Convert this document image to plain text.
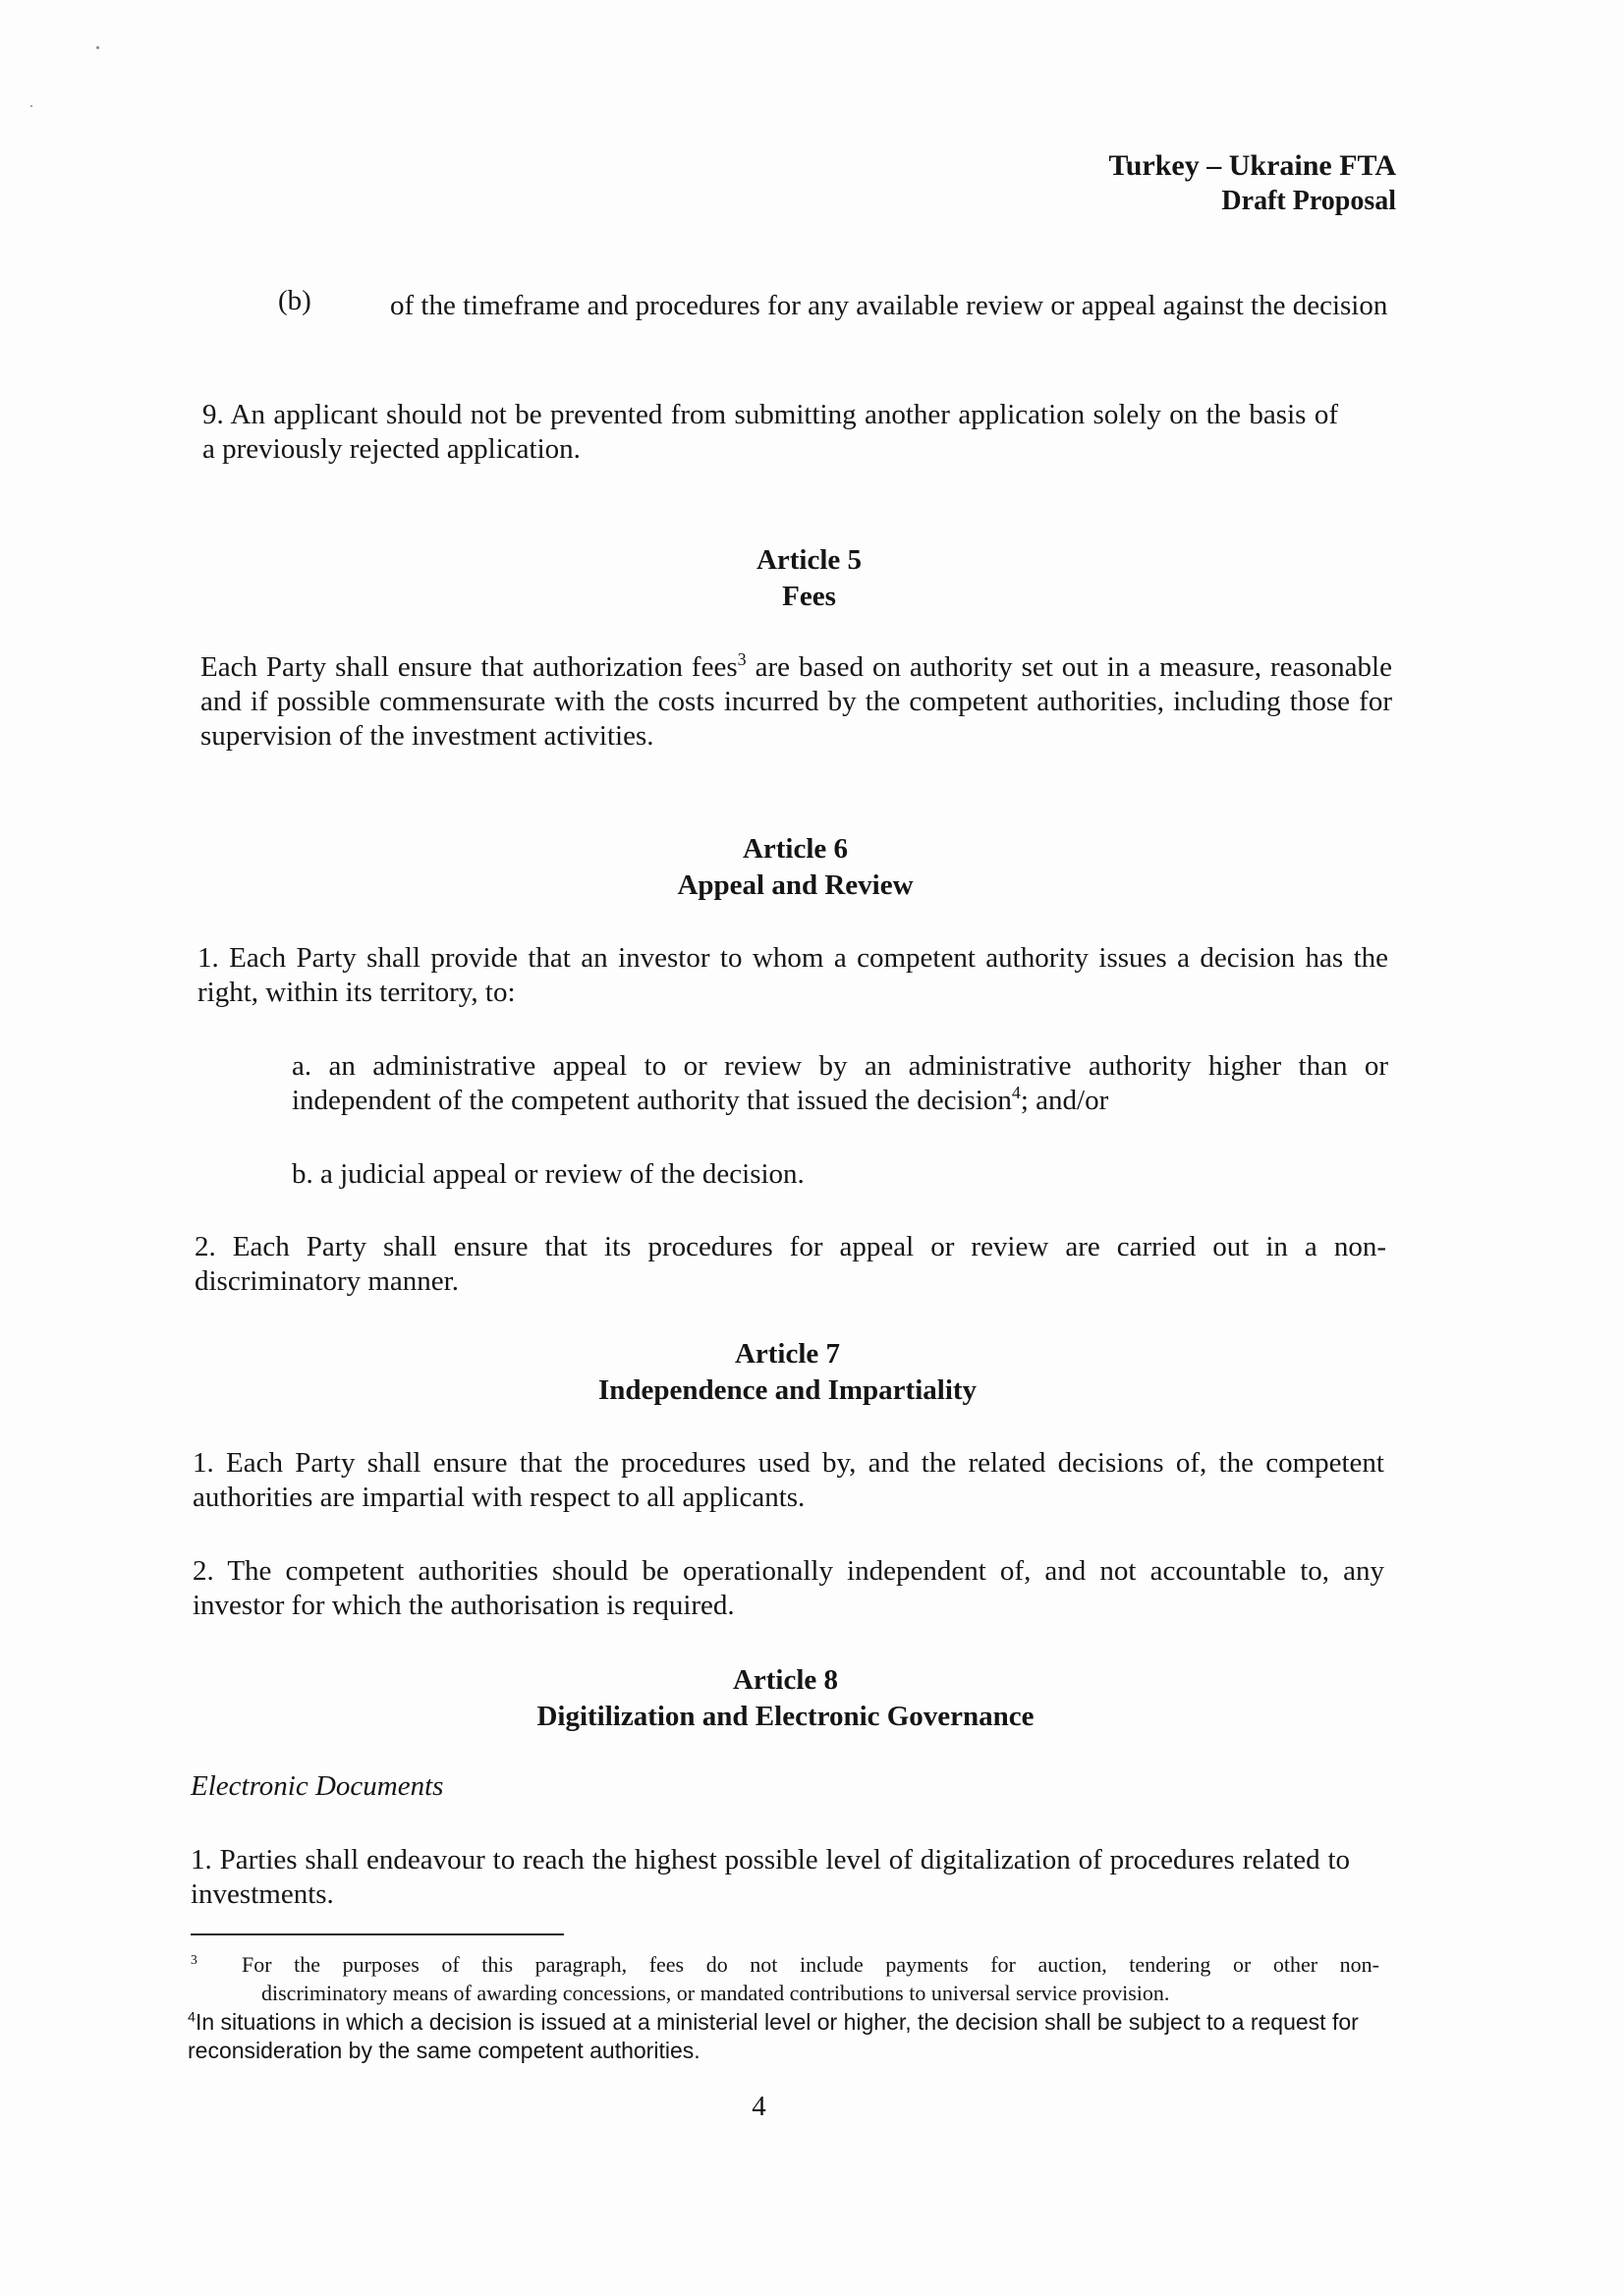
Turkey – Ukraine FTA
Draft Proposal
(b)	of the timeframe and procedures for any available review or appeal against the decision
9. An applicant should not be prevented from submitting another application solely on the basis of a previously rejected application.
Article 5
Fees
Each Party shall ensure that authorization fees$^3$ are based on authority set out in a measure, reasonable and if possible commensurate with the costs incurred by the competent authorities, including those for supervision of the investment activities.
Article 6
Appeal and Review
1. Each Party shall provide that an investor to whom a competent authority issues a decision has the right, within its territory, to:
a. an administrative appeal to or review by an administrative authority higher than or independent of the competent authority that issued the decision$^4$; and/or
b. a judicial appeal or review of the decision.
2. Each Party shall ensure that its procedures for appeal or review are carried out in a non-discriminatory manner.
Article 7
Independence and Impartiality
1. Each Party shall ensure that the procedures used by, and the related decisions of, the competent authorities are impartial with respect to all applicants.
2. The competent authorities should be operationally independent of, and not accountable to, any investor for which the authorisation is required.
Article 8
Digitilization and Electronic Governance
Electronic Documents
1. Parties shall endeavour to reach the highest possible level of digitalization of procedures related to investments.
$^3$ For the purposes of this paragraph, fees do not include payments for auction, tendering or other non-
discriminatory means of awarding concessions, or mandated contributions to universal service provision.
$^4$In situations in which a decision is issued at a ministerial level or higher, the decision shall be subject to a request for reconsideration by the same competent authorities.
4
